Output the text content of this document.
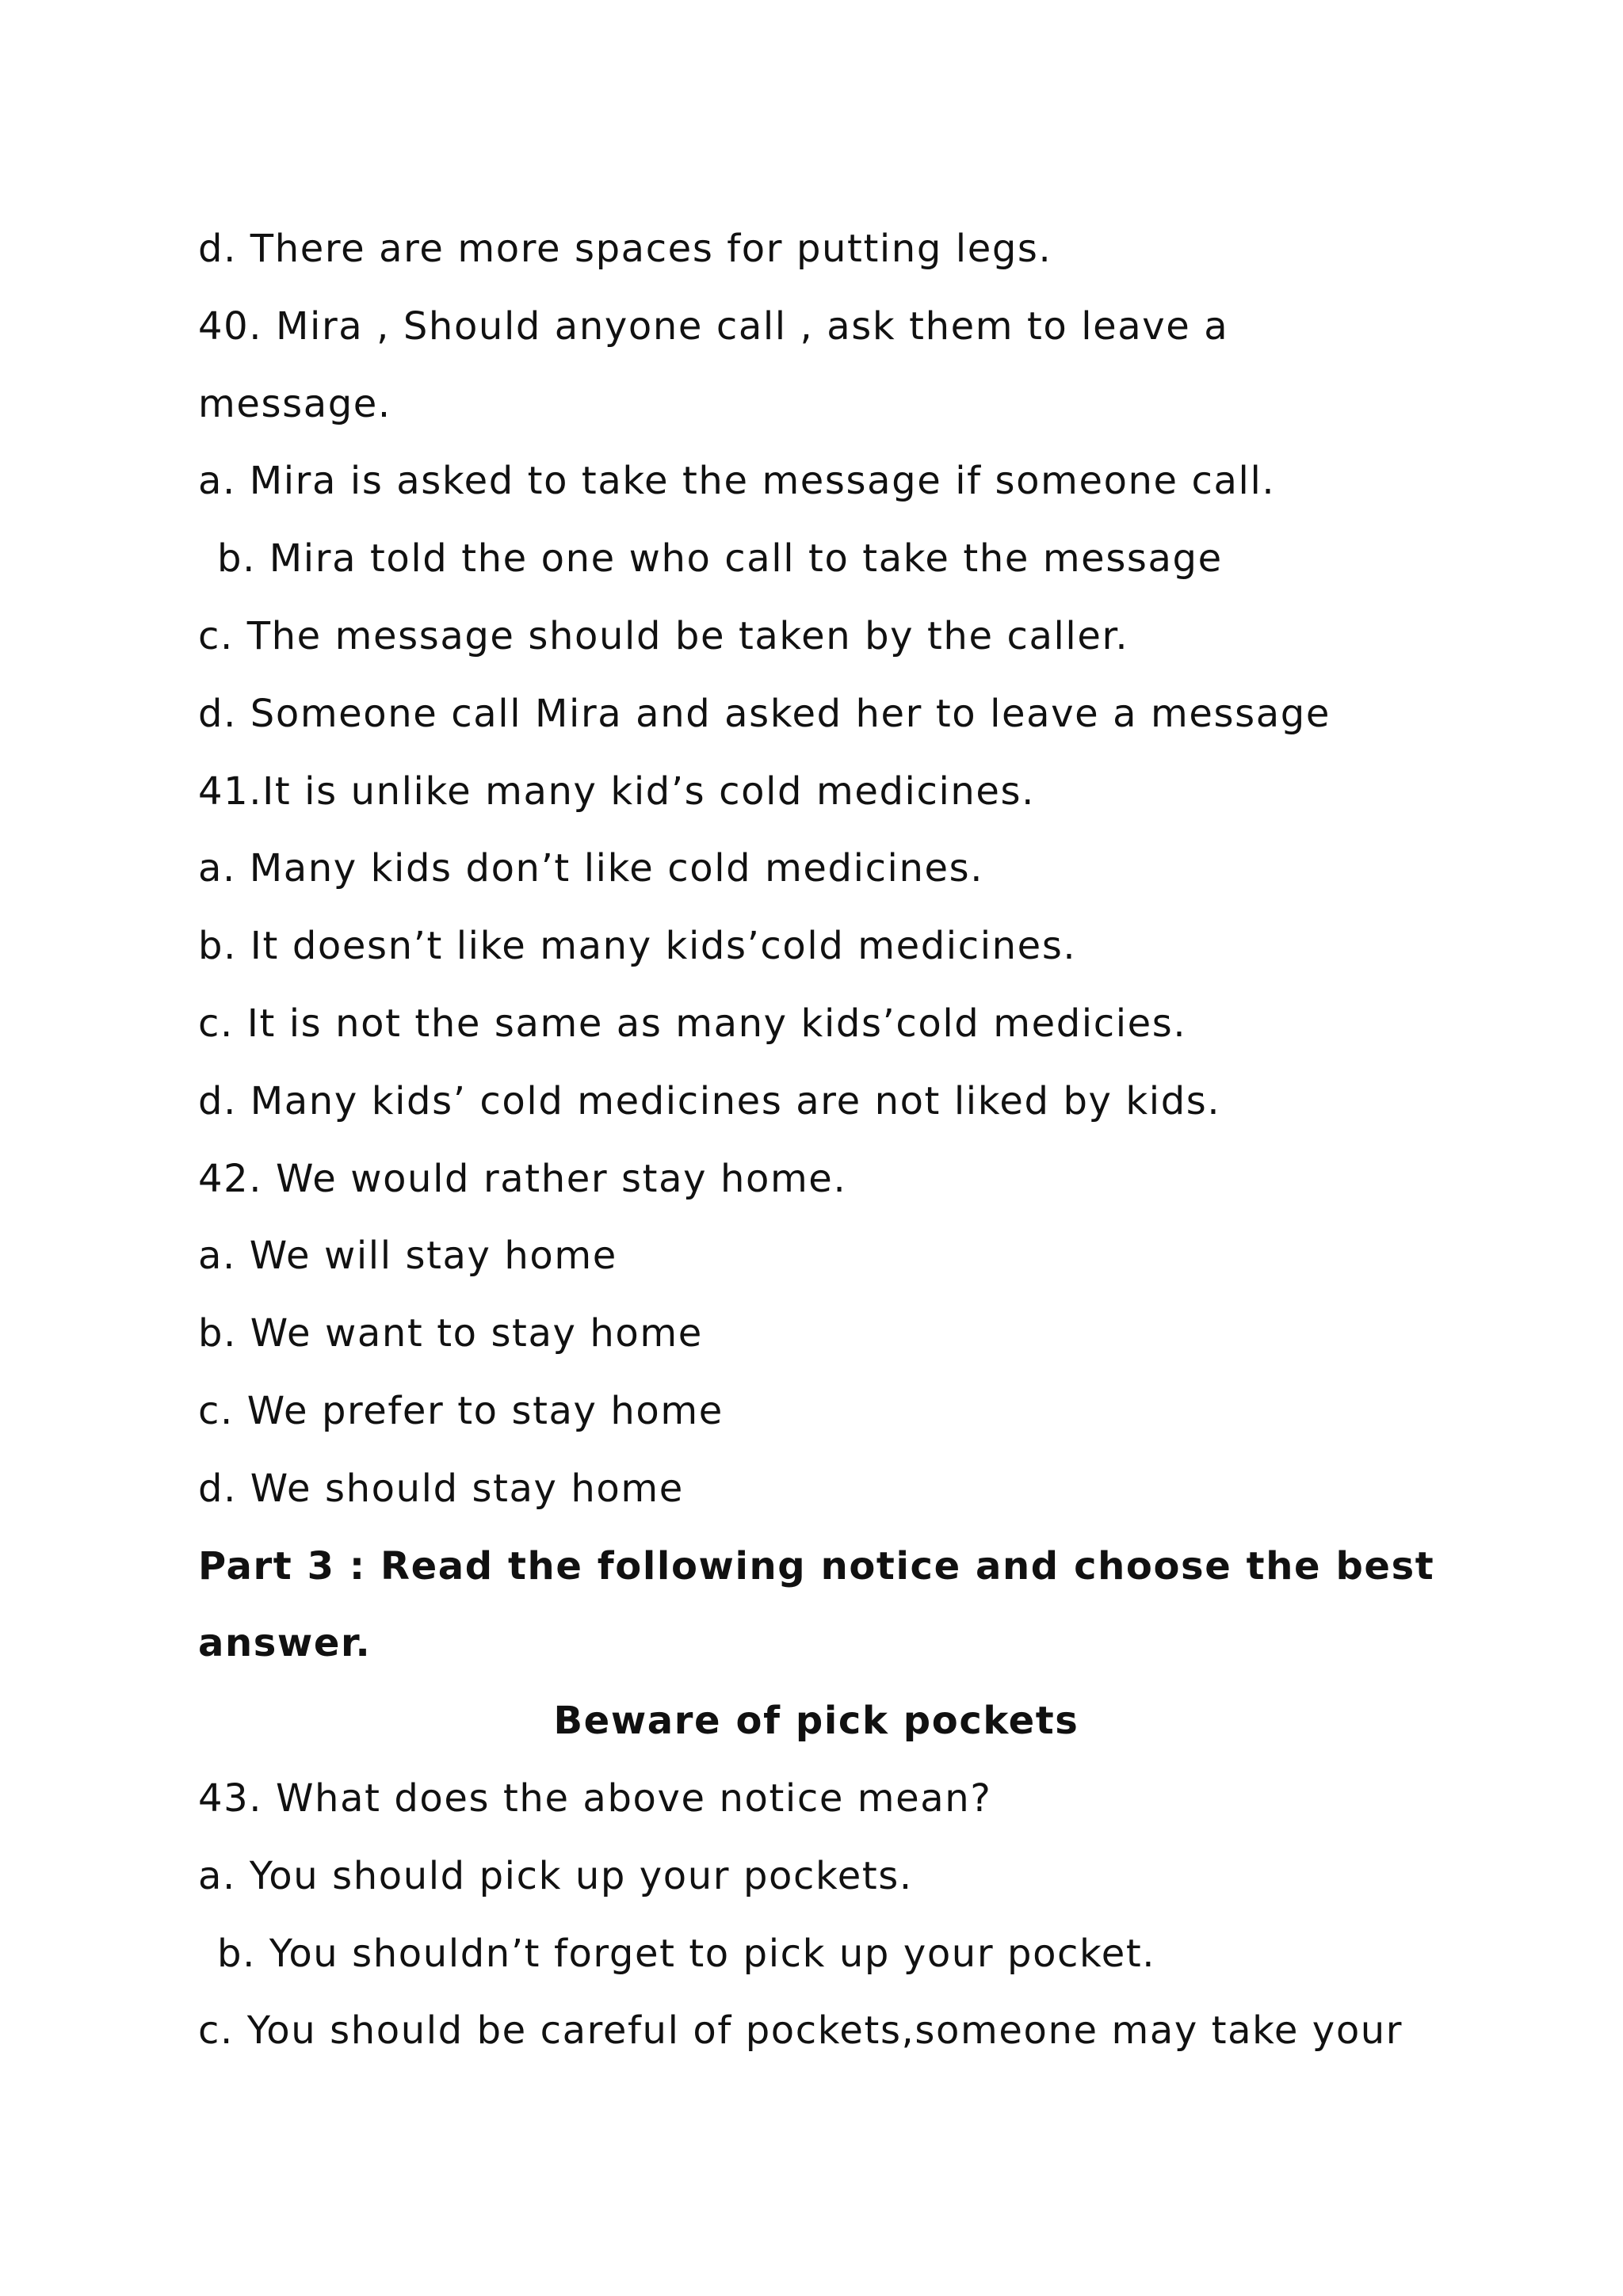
d. There are more spaces for putting legs.
40. Mira , Should anyone call , ask them to leave a
message.
a. Mira is asked to take the message if someone call.
b. Mira told the one who call to take the message
c. The message should be taken by the caller.
d. Someone call Mira and asked her to leave a message
41.It is unlike many kid’s cold medicines.
a. Many kids don’t like cold medicines.
b. It doesn’t like many kids’cold medicines.
c. It is not the same as many kids’cold medicies.
d. Many kids’ cold medicines are not liked by kids.
42. We would rather stay home.
a. We will stay home
b. We want to stay home
c. We prefer to stay home
d. We should stay home
Part 3 : Read the following notice and choose the best
answer.
Beware of pick pockets
43. What does the above notice mean?
a. You should pick up your pockets.
b. You shouldn’t forget to pick up your pocket.
c. You should be careful of pockets,someone may take your
